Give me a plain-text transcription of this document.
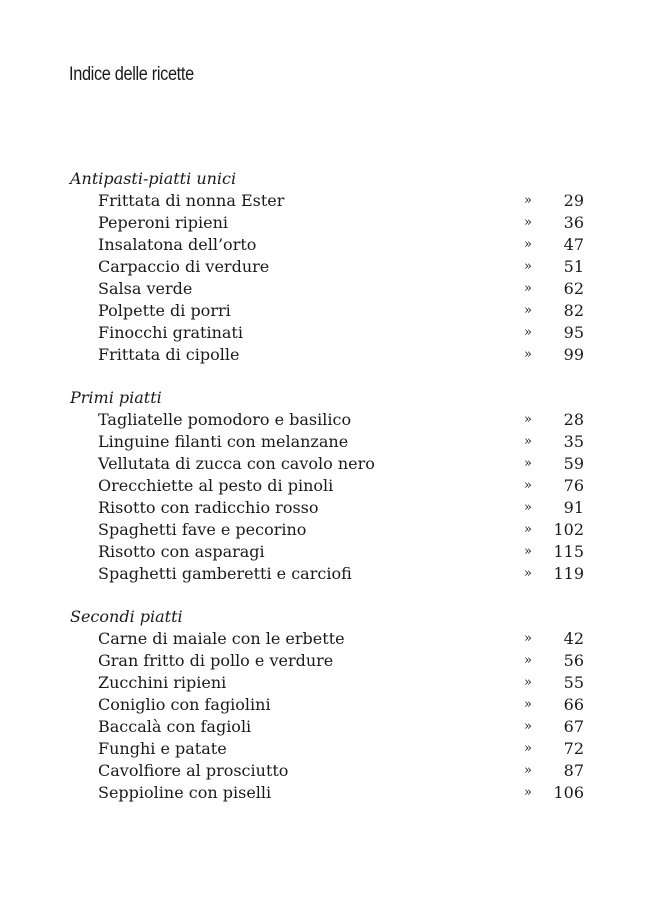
Indice delle ricette
Antipasti-piatti unici
Frittata di nonna Ester	» 29
Peperoni ripieni	» 36
Insalatona dell’orto	» 47
Carpaccio di verdure	» 51
Salsa verde	» 62
Polpette di porri	» 82
Finocchi gratinati	» 95
Frittata di cipolle	» 99
Primi piatti
Tagliatelle pomodoro e basilico	» 28
Linguine filanti con melanzane	» 35
Vellutata di zucca con cavolo nero	» 59
Orecchiette al pesto di pinoli	» 76
Risotto con radicchio rosso	» 91
Spaghetti fave e pecorino	» 102
Risotto con asparagi	» 115
Spaghetti gamberetti e carciofi	» 119
Secondi piatti
Carne di maiale con le erbette	» 42
Gran fritto di pollo e verdure	» 56
Zucchini ripieni	» 55
Coniglio con fagiolini	» 66
Baccalà con fagioli	» 67
Funghi e patate	» 72
Cavolfiore al prosciutto	» 87
Seppioline con piselli	» 106
